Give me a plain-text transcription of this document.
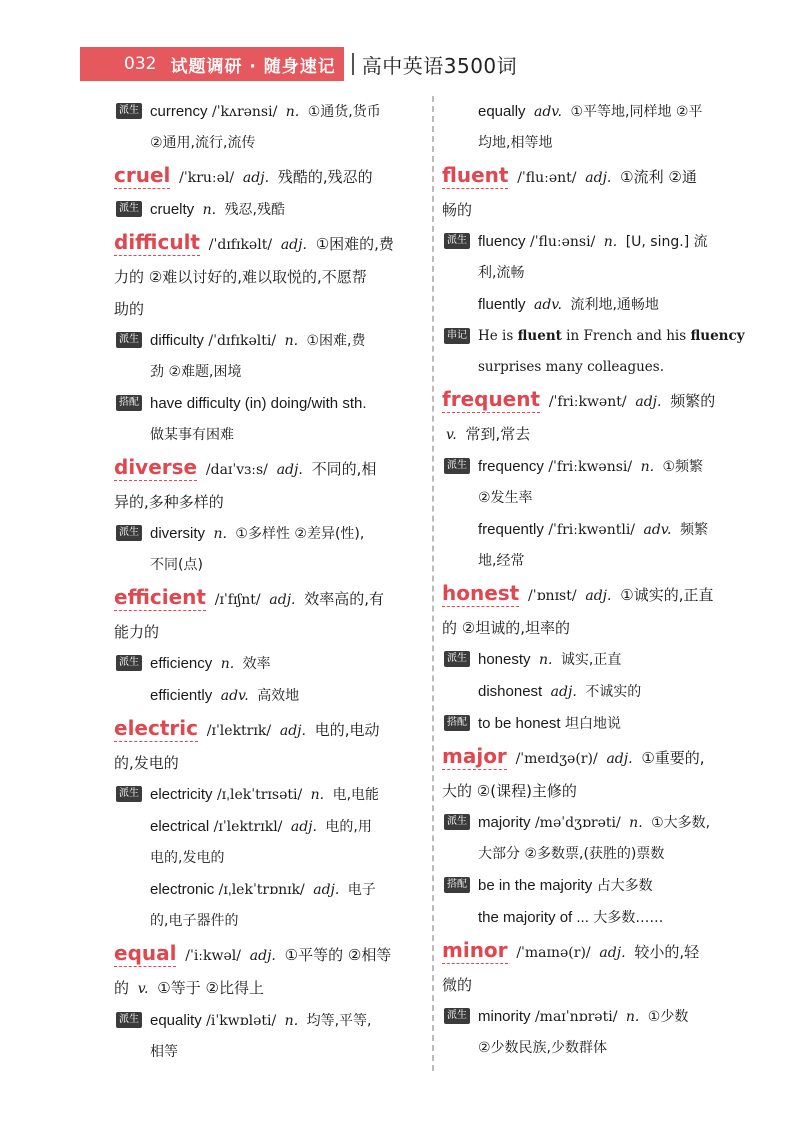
032 试题调研 · 随身速记 高中英语3500词
派生 currency /ˈkʌrənsi/ n. ①通货,货币
②通用,流行,流传
cruel /ˈkruːəl/ adj. 残酷的,残忍的
派生 cruelty n. 残忍,残酷
difficult /ˈdɪfɪkəlt/ adj. ①困难的,费
力的 ②难以讨好的,难以取悦的,不愿帮
助的
派生 difficulty /ˈdɪfɪkəlti/ n. ①困难,费
劲 ②难题,困境
搭配 have difficulty (in) doing/with sth.
做某事有困难
diverse /daɪˈvɜːs/ adj. 不同的,相
异的,多种多样的
派生 diversity n. ①多样性 ②差异(性),
不同(点)
efficient /ɪˈfɪʃnt/ adj. 效率高的,有
能力的
派生 efficiency n. 效率
efficiently adv. 高效地
electric /ɪˈlektrɪk/ adj. 电的,电动
的,发电的
派生 electricity /ɪˌlekˈtrɪsəti/ n. 电,电能
electrical /ɪˈlektrɪkl/ adj. 电的,用
电的,发电的
electronic /ɪˌlekˈtrɒnɪk/ adj. 电子
的,电子器件的
equal /ˈiːkwəl/ adj. ①平等的 ②相等
的 v. ①等于 ②比得上
派生 equality /iˈkwɒləti/ n. 均等,平等,
相等
equally adv. ①平等地,同样地 ②平
均地,相等地
fluent /ˈfluːənt/ adj. ①流利 ②通
畅的
派生 fluency /ˈfluːənsi/ n. [U, sing.] 流
利,流畅
fluently adv. 流利地,通畅地
串记 He is fluent in French and his fluency
surprises many colleagues.
frequent /ˈfriːkwənt/ adj. 频繁的
v. 常到,常去
派生 frequency /ˈfriːkwənsi/ n. ①频繁
②发生率
frequently /ˈfriːkwəntli/ adv. 频繁
地,经常
honest /ˈɒnɪst/ adj. ①诚实的,正直
的 ②坦诚的,坦率的
派生 honesty n. 诚实,正直
dishonest adj. 不诚实的
搭配 to be honest 坦白地说
major /ˈmeɪdʒə(r)/ adj. ①重要的,
大的 ②(课程)主修的
派生 majority /məˈdʒɒrəti/ n. ①大多数,
大部分 ②多数票,(获胜的)票数
搭配 be in the majority 占大多数
the majority of ... 大多数……
minor /ˈmaɪnə(r)/ adj. 较小的,轻
微的
派生 minority /maɪˈnɒrəti/ n. ①少数
②少数民族,少数群体
